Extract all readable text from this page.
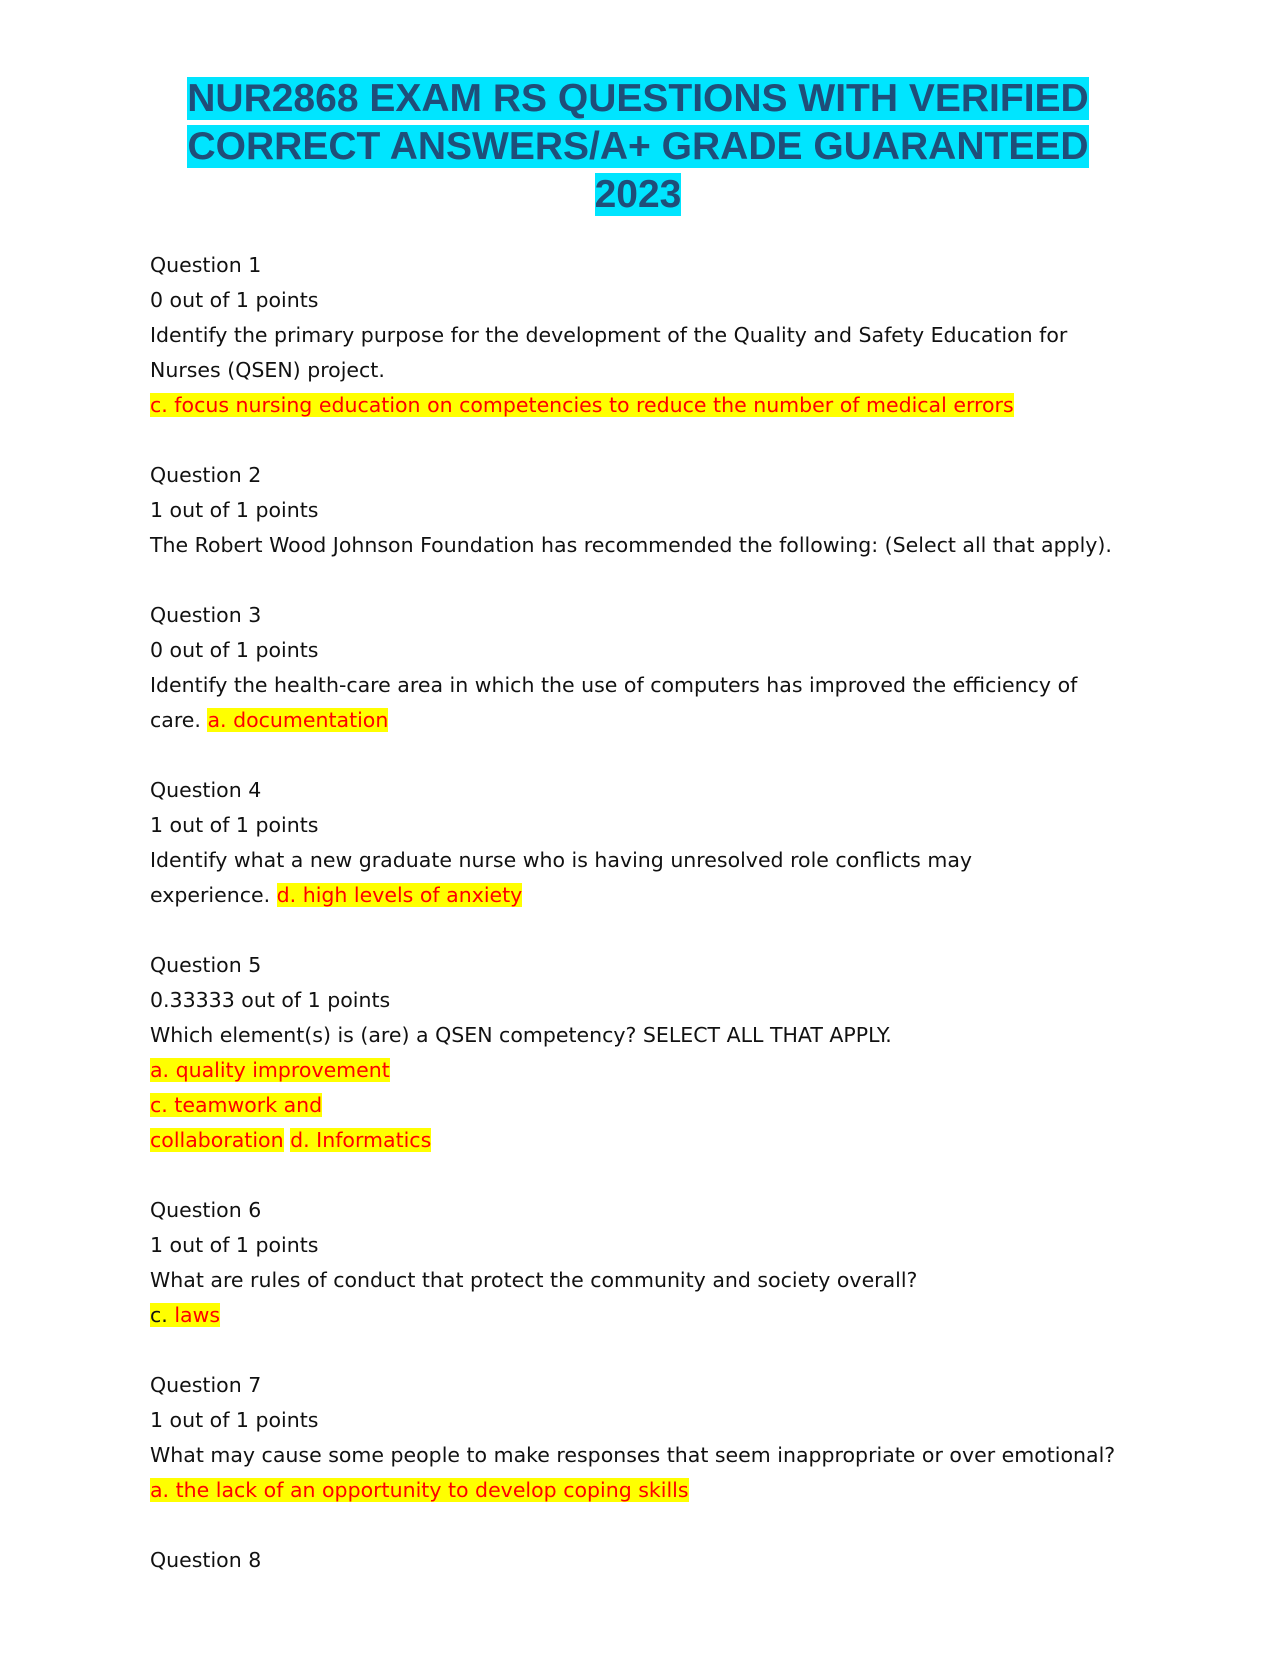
NUR2868 EXAM RS QUESTIONS WITH VERIFIED
CORRECT ANSWERS/A+ GRADE GUARANTEED
2023
Question 1
0 out of 1 points
Identify the primary purpose for the development of the Quality and Safety Education for
Nurses (QSEN) project.
c. focus nursing education on competencies to reduce the number of medical errors
Question 2
1 out of 1 points
The Robert Wood Johnson Foundation has recommended the following: (Select all that apply).
Question 3
0 out of 1 points
Identify the health-care area in which the use of computers has improved the efficiency of
care. a. documentation
Question 4
1 out of 1 points
Identify what a new graduate nurse who is having unresolved role conflicts may
experience. d. high levels of anxiety
Question 5
0.33333 out of 1 points
Which element(s) is (are) a QSEN competency? SELECT ALL THAT APPLY.
a. quality improvement
c. teamwork and
collaboration d. Informatics
Question 6
1 out of 1 points
What are rules of conduct that protect the community and society overall?
c. laws
Question 7
1 out of 1 points
What may cause some people to make responses that seem inappropriate or over emotional?
a. the lack of an opportunity to develop coping skills
Question 8
